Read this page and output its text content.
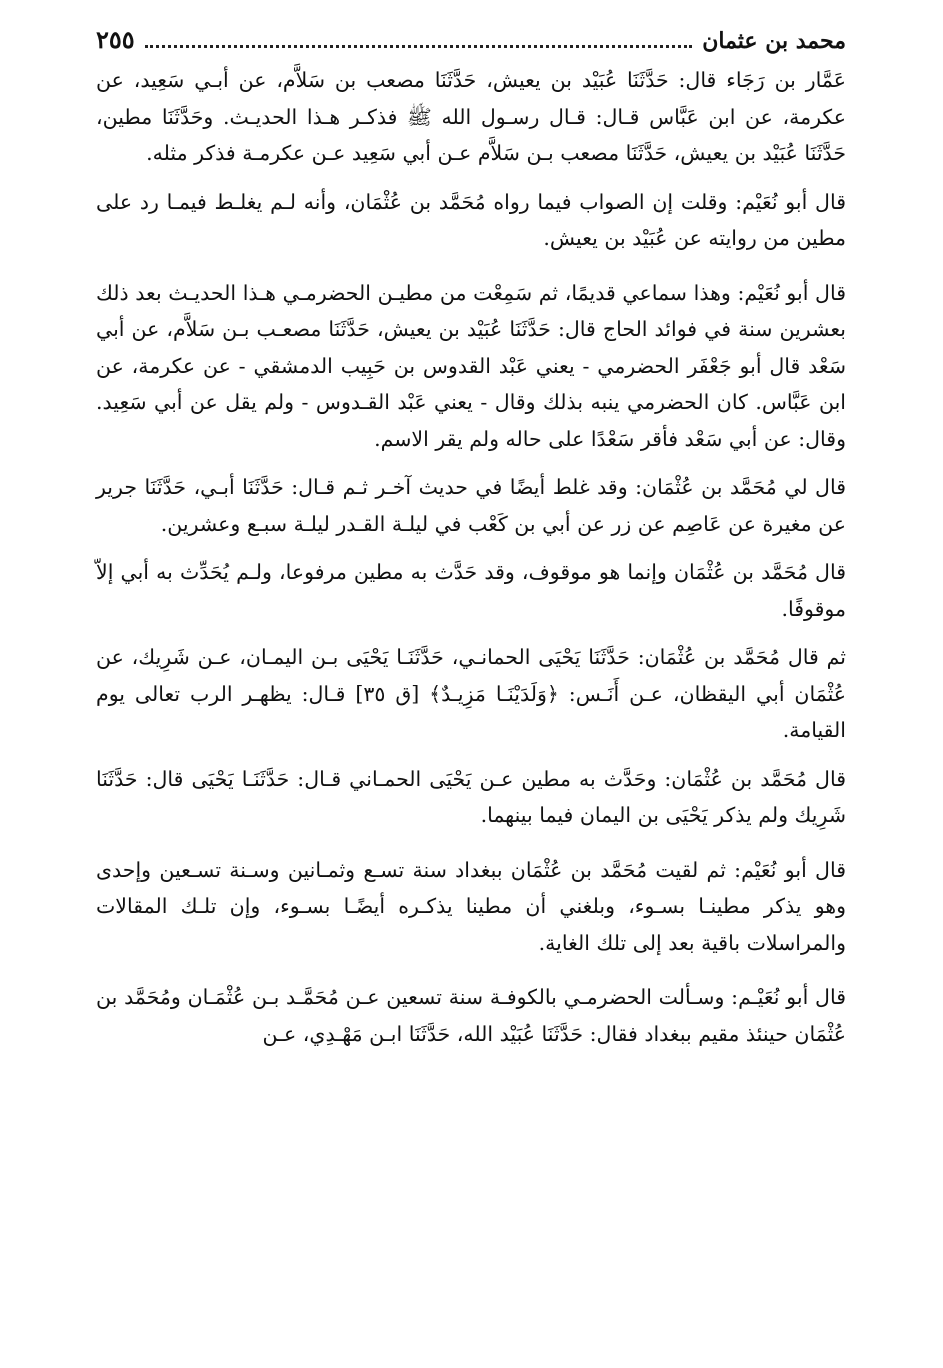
محمد بن عثمان
٢٥٥

عَمَّار بن رَجَاء قال: حَدَّثَنَا عُبَيْد بن يعيش، حَدَّثَنَا مصعب بن سَلاَّم، عن أبـي سَعِيد، عن عكرمة، عن ابن عَبَّاس قـال: قـال رسـول الله ﷺ فذكـر هـذا الحديـث. وحَدَّثَنَا مطين، حَدَّثَنَا عُبَيْد بن يعيش، حَدَّثَنَا مصعب بـن سَلاَّم عـن أبي سَعِيد عـن عكرمـة فذكر مثله.

قال أبو نُعَيْم: وقلت إن الصواب فيما رواه مُحَمَّد بن عُثْمَان، وأنه لـم يغلـط فيمـا رد على مطين من روايته عن عُبَيْد بن يعيش.

قال أبو نُعَيْم: وهذا سماعي قديمًا، ثم سَمِعْت من مطيـن الحضرمـي هـذا الحديـث بعد ذلك بعشرين سنة في فوائد الحاج قال: حَدَّثَنَا عُبَيْد بن يعيش، حَدَّثَنَا مصعـب بـن سَلاَّم، عن أبي سَعْد قال أبو جَعْفَر الحضرمي - يعني عَبْد القدوس بن حَبِيب الدمشقي - عن عكرمة، عن ابن عَبَّاس. كان الحضرمي ينبه بذلك وقال - يعني عَبْد القـدوس - ولم يقل عن أبي سَعِيد. وقال: عن أبي سَعْد فأقر سَعْدًا على حاله ولم يقر الاسم.

قال لي مُحَمَّد بن عُثْمَان: وقد غلط أيضًا في حديث آخـر ثـم قـال: حَدَّثَنَا أبـي، حَدَّثَنَا جرير عن مغيرة عن عَاصِم عن زر عن أبي بن كَعْب في ليلـة القـدر ليلـة سبـع وعشرين.

قال مُحَمَّد بن عُثْمَان وإنما هو موقوف، وقد حَدَّث به مطين مرفوعا، ولـم يُحَدِّث به أبي إلاّ موقوفًا.

ثم قال مُحَمَّد بن عُثْمَان: حَدَّثَنَا يَحْيَى الحمانـي، حَدَّثَنَـا يَحْيَى بـن اليمـان، عـن شَرِيك، عن عُثْمَان أبي اليقظان، عـن أَنَـس: ﴿وَلَدَيْنَـا مَزِيـدٌ﴾ [ق ٣٥] قـال: يظهـر الرب تعالى يوم القيامة.

قال مُحَمَّد بن عُثْمَان: وحَدَّث به مطين عـن يَحْيَى الحمـاني قـال: حَدَّثَنَـا يَحْيَى قال: حَدَّثَنَا شَرِيك ولم يذكر يَحْيَى بن اليمان فيما بينهما.

قال أبو نُعَيْم: ثم لقيت مُحَمَّد بن عُثْمَان ببغداد سنة تسـع وثمـانين وسـنة تسـعين وإحدى وهو يذكر مطينـا بسـوء، وبلغني أن مطينا يذكـره أيضًـا بسـوء، وإن تلـك المقالات والمراسلات باقية بعد إلى تلك الغاية.

قال أبو نُعَيْـم: وسـألت الحضرمـي بالكوفـة سنة تسعين عـن مُحَمَّـد بـن عُثْمَـان ومُحَمَّد بن عُثْمَان حينئذ مقيم ببغداد فقال: حَدَّثَنَا عُبَيْد الله، حَدَّثَنَا ابـن مَهْـدِي، عـن
